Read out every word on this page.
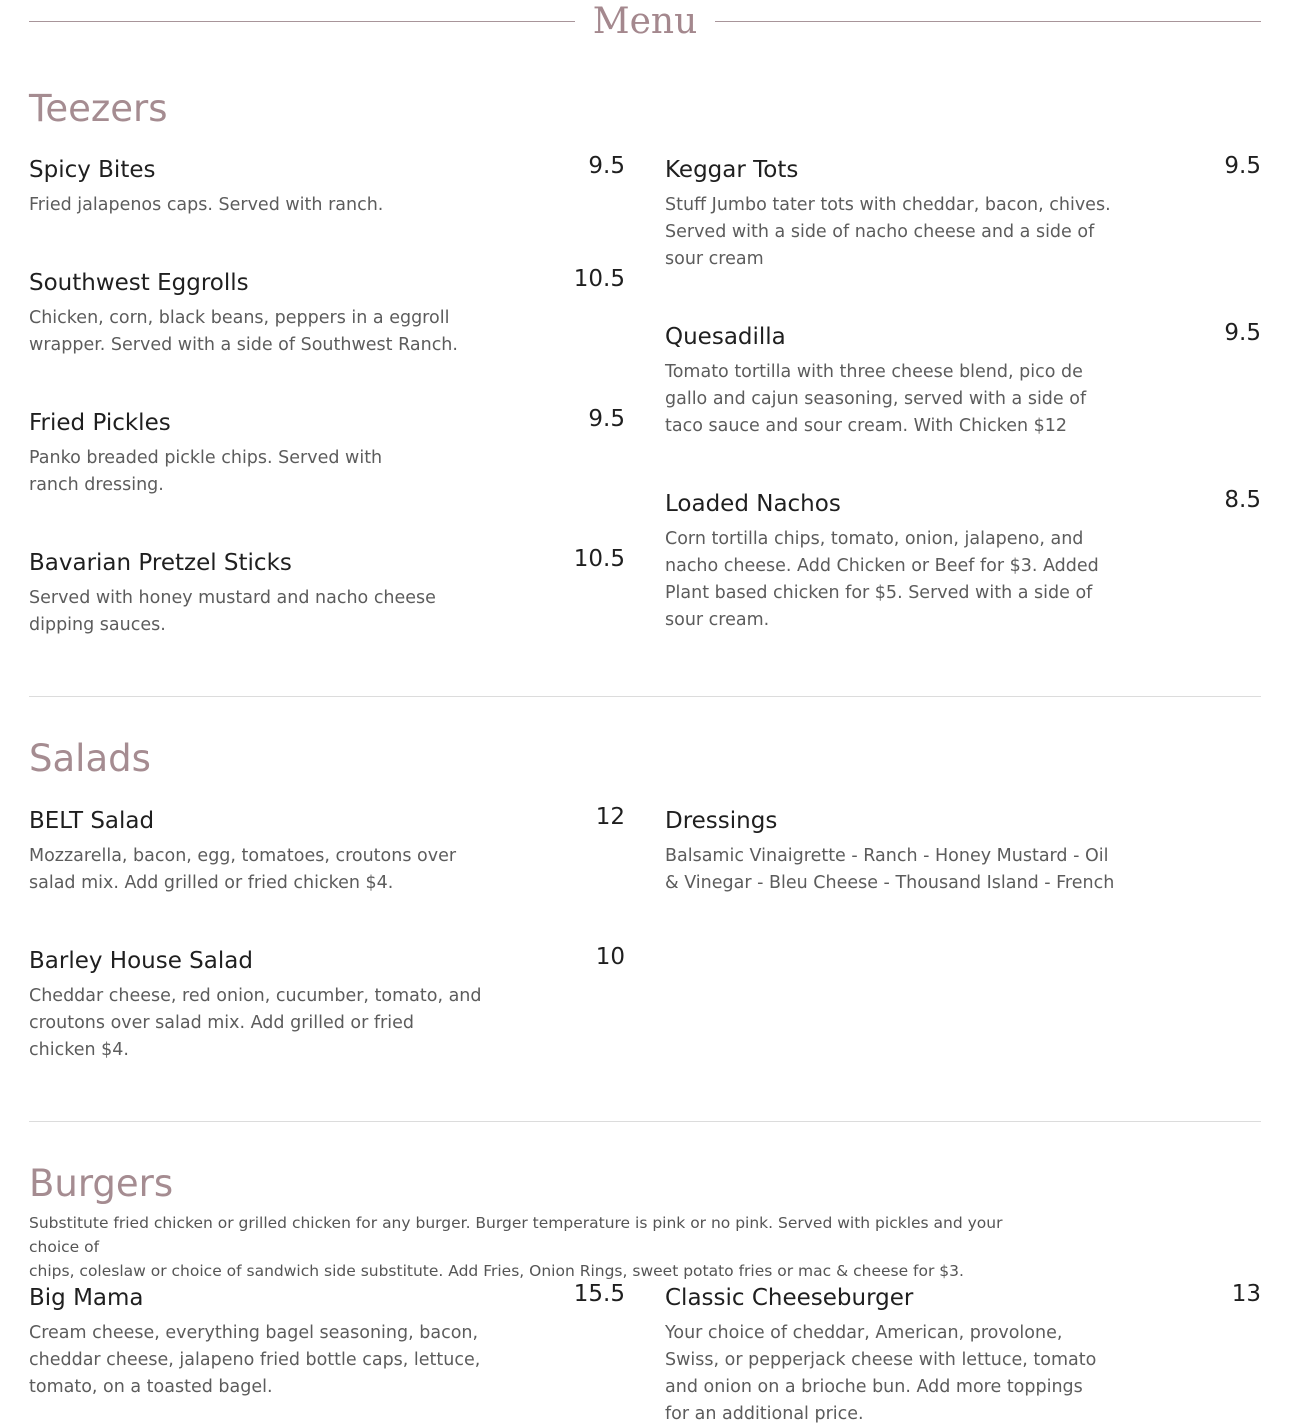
Menu
Teezers
Spicy Bites	9.5
Fried jalapenos caps. Served with ranch.
Keggar Tots	9.5
Stuff Jumbo tater tots with cheddar, bacon, chives.
Served with a side of nacho cheese and a side of
sour cream
Southwest Eggrolls	10.5
Chicken, corn, black beans, peppers in a eggroll
wrapper. Served with a side of Southwest Ranch.	Quesadilla	9.5
Tomato tortilla with three cheese blend, pico de
gallo and cajun seasoning, served with a side of
taco sauce and sour cream. With Chicken $12
Fried Pickles	9.5
Panko breaded pickle chips. Served with
ranch dressing.
Loaded Nachos	8.5
Corn tortilla chips, tomato, onion, jalapeno, and
nacho cheese. Add Chicken or Beef for $3. Added
Plant based chicken for $5. Served with a side of
sour cream.
Bavarian Pretzel Sticks	10.5
Served with honey mustard and nacho cheese
dipping sauces.
Salads
BELT Salad	12
Mozzarella, bacon, egg, tomatoes, croutons over
salad mix. Add grilled or fried chicken $4.
Dressings
Balsamic Vinaigrette - Ranch - Honey Mustard - Oil
& Vinegar - Bleu Cheese - Thousand Island - French
Barley House Salad	10
Cheddar cheese, red onion, cucumber, tomato, and
croutons over salad mix. Add grilled or fried
chicken $4.
Burgers

Substitute fried chicken or grilled chicken for any burger. Burger temperature is pink or no pink. Served with pickles and your choice of
chips, coleslaw or choice of sandwich side substitute. Add Fries, Onion Rings, sweet potato fries or mac & cheese for $3.

Big Mama	15.5
Cream cheese, everything bagel seasoning, bacon,
cheddar cheese, jalapeno fried bottle caps, lettuce,
tomato, on a toasted bagel.
Classic Cheeseburger	13
Your choice of cheddar, American, provolone,
Swiss, or pepperjack cheese with lettuce, tomato
and onion on a brioche bun. Add more toppings
for an additional price.
